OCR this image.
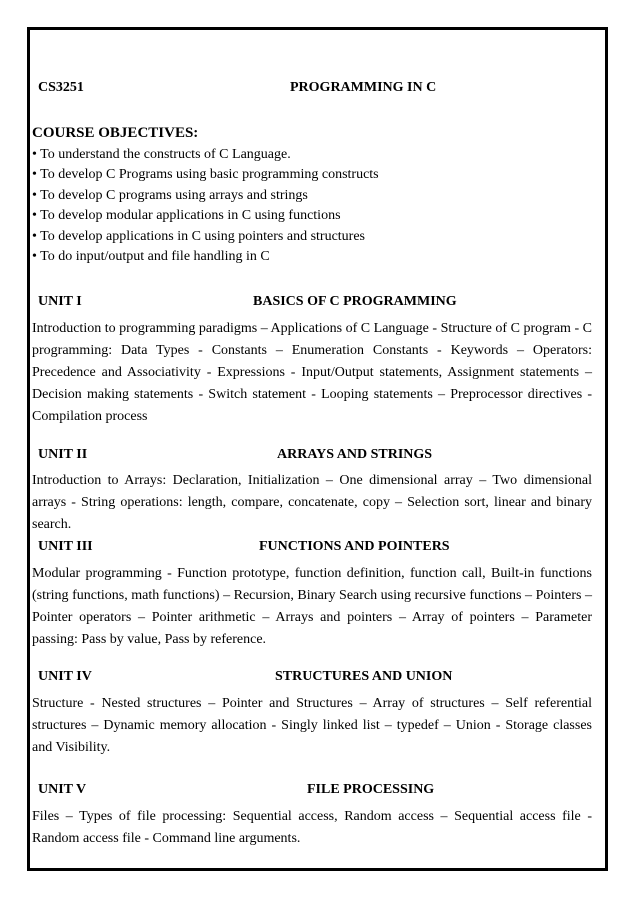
CS3251	PROGRAMMING IN C
COURSE OBJECTIVES:
• To understand the constructs of C Language.
• To develop C Programs using basic programming constructs
• To develop C programs using arrays and strings
• To develop modular applications in C using functions
• To develop applications in C using pointers and structures
• To do input/output and file handling in C
UNIT I	BASICS OF C PROGRAMMING

Introduction to programming paradigms – Applications of C Language - Structure of C program - C programming: Data Types - Constants – Enumeration Constants - Keywords – Operators: Precedence and Associativity - Expressions - Input/Output statements, Assignment statements – Decision making statements - Switch statement - Looping statements – Preprocessor directives - Compilation process

UNIT II	ARRAYS AND STRINGS

Introduction to Arrays: Declaration, Initialization – One dimensional array – Two dimensional arrays - String operations: length, compare, concatenate, copy – Selection sort, linear and binary search.

UNIT III	FUNCTIONS AND POINTERS

Modular programming - Function prototype, function definition, function call, Built-in functions (string functions, math functions) – Recursion, Binary Search using recursive functions – Pointers – Pointer operators – Pointer arithmetic – Arrays and pointers – Array of pointers – Parameter passing: Pass by value, Pass by reference.

UNIT IV	STRUCTURES AND UNION

Structure - Nested structures – Pointer and Structures – Array of structures – Self referential structures – Dynamic memory allocation - Singly linked list – typedef – Union - Storage classes and Visibility.

UNIT V	FILE PROCESSING

Files – Types of file processing: Sequential access, Random access – Sequential access file - Random access file - Command line arguments.
